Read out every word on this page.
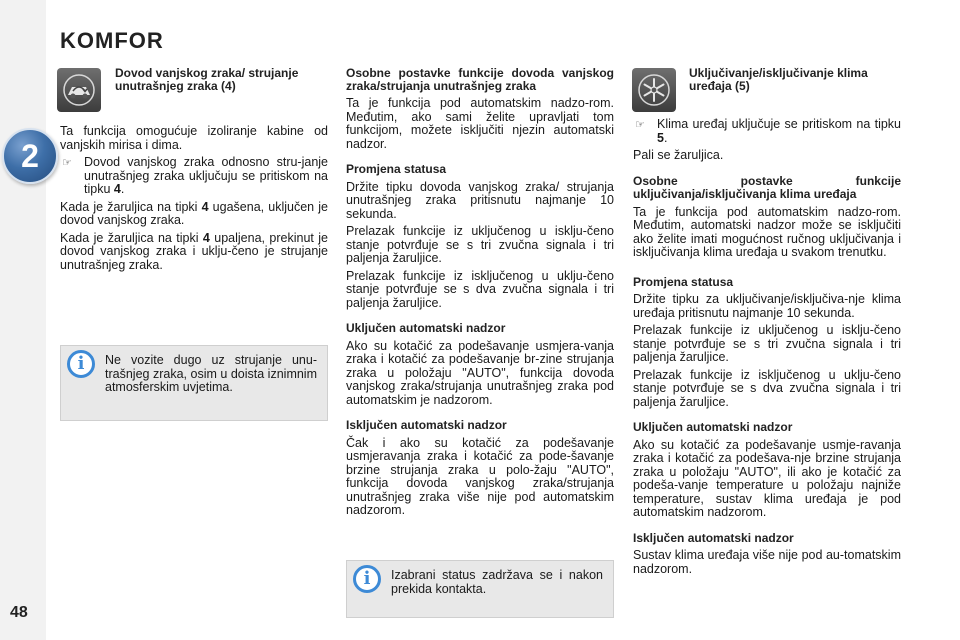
KOMFOR
2
48
Dovod vanjskog zraka/ strujanje unutrašnjeg zraka (4)

Ta funkcija omogućuje izoliranje kabine od vanjskih mirisa i dima.

☞ Dovod vanjskog zraka odnosno stru-janje unutrašnjeg zraka uključuju se pritiskom na tipku 4.

Kada je žaruljica na tipki 4 ugašena, uključen je dovod vanjskog zraka.

Kada je žaruljica na tipki 4 upaljena, prekinut je dovod vanjskog zraka i uklju-čeno je strujanje unutrašnjeg zraka.

i	Ne vozite dugo uz strujanje unu-trašnjeg zraka, osim u doista iznimnim atmosferskim uvjetima.

Osobne postavke funkcije dovoda vanjskog zraka/strujanja unutrašnjeg zraka

Ta je funkcija pod automatskim nadzo-rom. Međutim, ako sami želite upravljati tom funkcijom, možete isključiti njezin automatski nadzor.

Promjena statusa

Držite tipku dovoda vanjskog zraka/ strujanja unutrašnjeg zraka pritisnutu najmanje 10 sekunda.

Prelazak funkcije iz uključenog u isklju-čeno stanje potvrđuje se s tri zvučna signala i tri paljenja žaruljice.

Prelazak funkcije iz isključenog u uklju-čeno stanje potvrđuje se s dva zvučna signala i tri paljenja žaruljice.

Uključen automatski nadzor

Ako su kotačić za podešavanje usmjera-vanja zraka i kotačić za podešavanje br-zine strujanja zraka u položaju "AUTO", funkcija dovoda vanjskog zraka/strujanja unutrašnjeg zraka pod automatskim je nadzorom.

Isključen automatski nadzor

Čak i ako su kotačić za podešavanje usmjeravanja zraka i kotačić za pode-šavanje brzine strujanja zraka u polo-žaju "AUTO", funkcija dovoda vanjskog zraka/strujanja unutrašnjeg zraka više nije pod automatskim nadzorom.

i	Izabrani status zadržava se i nakon prekida kontakta.
Uključivanje/isključivanje klima uređaja (5)

☞ Klima uređaj uključuje se pritiskom na tipku 5.

Pali se žaruljica.

Osobne postavke funkcije uključivanja/isključivanja klima uređaja

Ta je funkcija pod automatskim nadzo-rom. Međutim, automatski nadzor može se isključiti ako želite imati mogućnost ručnog uključivanja i isključivanja klima uređaja u svakom trenutku.

Promjena statusa

Držite tipku za uključivanje/isključiva-nje klima uređaja pritisnutu najmanje 10 sekunda.

Prelazak funkcije iz uključenog u isklju-čeno stanje potvrđuje se s tri zvučna signala i tri paljenja žaruljice.

Prelazak funkcije iz isključenog u uklju-čeno stanje potvrđuje se s dva zvučna signala i tri paljenja žaruljice.

Uključen automatski nadzor

Ako su kotačić za podešavanje usmje-ravanja zraka i kotačić za podešava-nje brzine strujanja zraka u položaju "AUTO", ili ako je kotačić za podeša-vanje temperature u položaju najniže temperature, sustav klima uređaja je pod automatskim nadzorom.

Isključen automatski nadzor

Sustav klima uređaja više nije pod au-tomatskim nadzorom.
